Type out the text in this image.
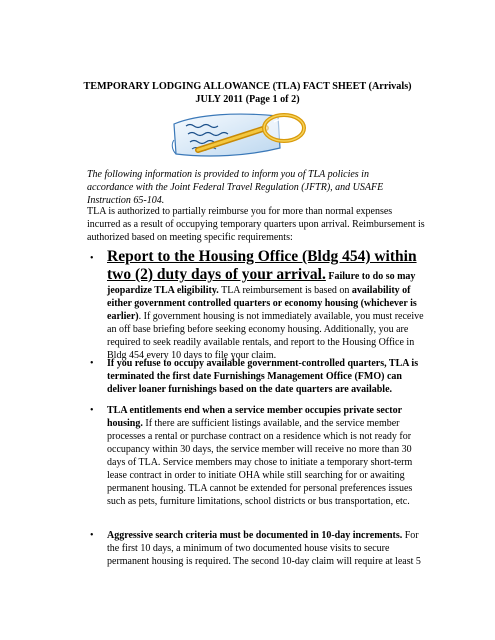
TEMPORARY LODGING ALLOWANCE (TLA) FACT SHEET (Arrivals)
JULY 2011 (Page 1 of 2)
The following information is provided to inform you of TLA policies in accordance with the Joint Federal Travel Regulation (JFTR), and USAFE Instruction 65-104.
TLA is authorized to partially reimburse you for more than normal expenses incurred as a result of occupying temporary quarters upon arrival. Reimbursement is authorized based on meeting specific requirements:
• Report to the Housing Office (Bldg 454) within two (2) duty days of your arrival. Failure to do so may jeopardize TLA eligibility. TLA reimbursement is based on availability of either government controlled quarters or economy housing (whichever is earlier). If government housing is not immediately available, you must receive an off base briefing before seeking economy housing. Additionally, you are required to seek readily available rentals, and report to the Housing Office in Bldg 454 every 10 days to file your claim.
• If you refuse to occupy available government-controlled quarters, TLA is terminated the first date Furnishings Management Office (FMO) can deliver loaner furnishings based on the date quarters are available.
• TLA entitlements end when a service member occupies private sector housing. If there are sufficient listings available, and the service member processes a rental or purchase contract on a residence which is not ready for occupancy within 30 days, the service member will receive no more than 30 days of TLA. Service members may chose to initiate a temporary short-term lease contract in order to initiate OHA while still searching for or awaiting permanent housing. TLA cannot be extended for personal preferences issues such as pets, furniture limitations, school districts or bus transportation, etc.
• Aggressive search criteria must be documented in 10-day increments. For the first 10 days, a minimum of two documented house visits to secure permanent housing is required. The second 10-day claim will require at least 5
